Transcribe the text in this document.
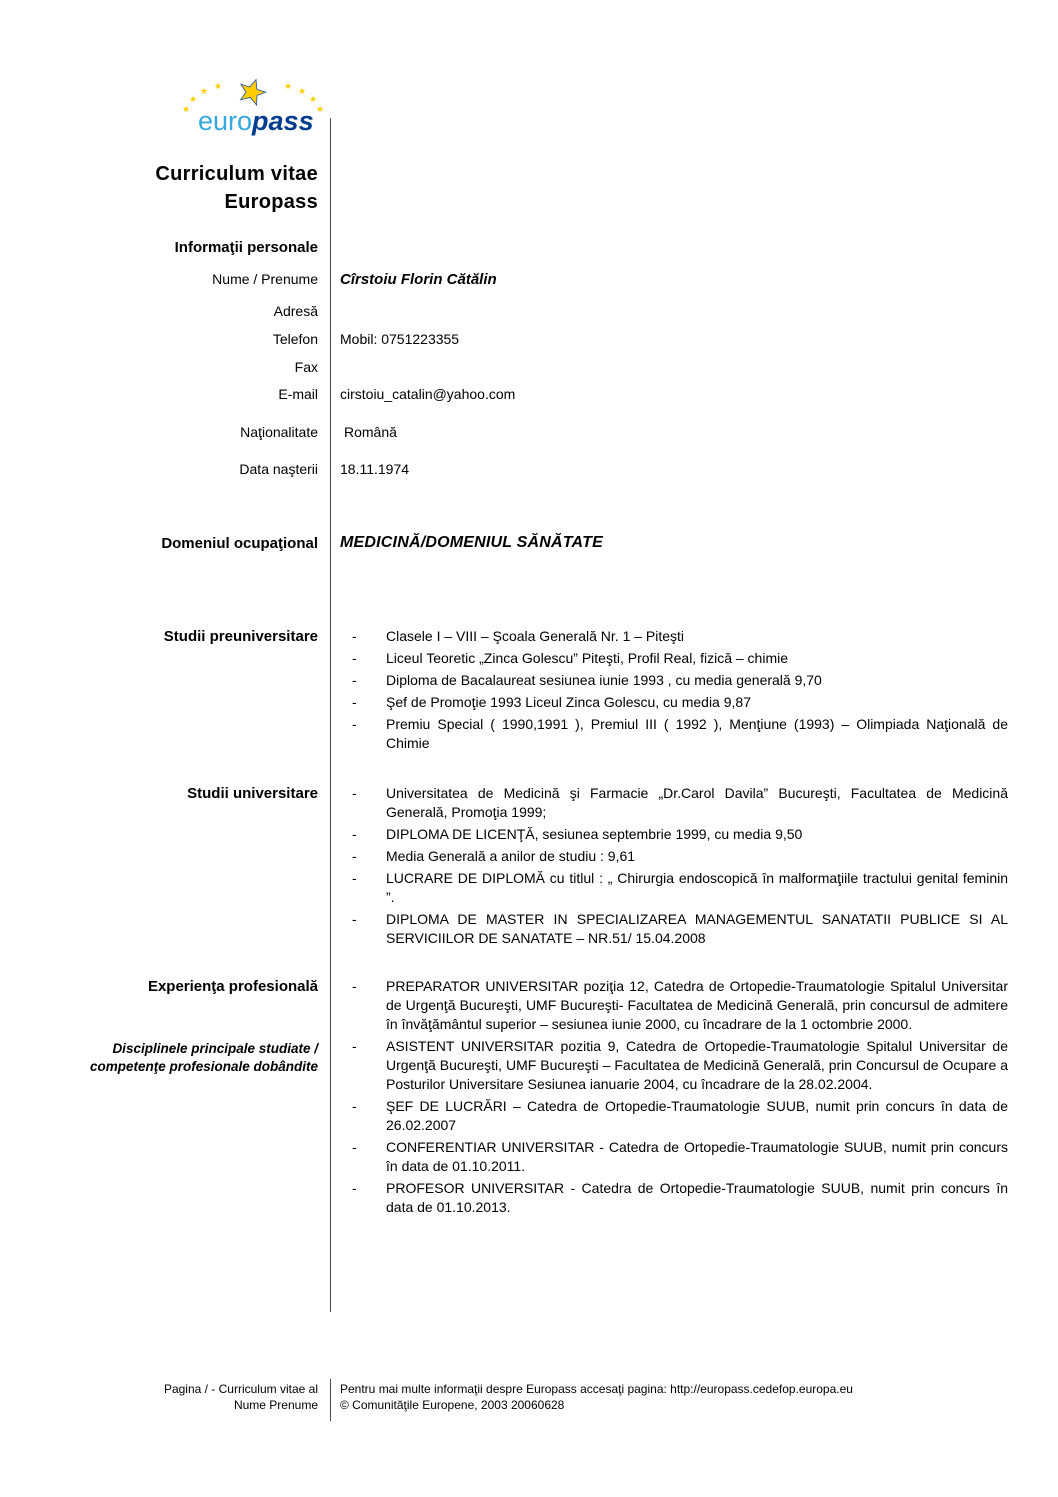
★
★
★ ★	★ ★
★
★
europass
Curriculum vitae
Europass
Informaţii personale
Nume / Prenume Cîrstoiu Florin Cătălin
Adresă
Telefon Mobil: 0751223355
Fax
E-mail cirstoiu_catalin@yahoo.com
Naţionalitate Română
Data naşterii 18.11.1974
Domeniul ocupaţional MEDICINĂ/DOMENIUL SĂNĂTATE
Studii preuniversitare	- Clasele I – VIII – Şcoala Generală Nr. 1 – Piteşti
- Liceul Teoretic „Zinca Golescu” Piteşti, Profil Real, fizică – chimie
- Diploma de Bacalaureat sesiunea iunie 1993 , cu media generală 9,70
- Şef de Promoţie 1993 Liceul Zinca Golescu, cu media 9,87
- Premiu Special ( 1990,1991 ), Premiul III ( 1992 ), Menţiune (1993) – Olimpiada Naţională de Chimie
Studii universitare	- Universitatea de Medicină şi Farmacie „Dr.Carol Davila” Bucureşti, Facultatea de Medicină Generală, Promoţia 1999;
- DIPLOMA DE LICENŢĂ, sesiunea septembrie 1999, cu media 9,50
- Media Generală a anilor de studiu : 9,61
- LUCRARE DE DIPLOMĂ cu titlul : „ Chirurgia endoscopică în malformaţiile tractului genital feminin ”.
- DIPLOMA DE MASTER IN SPECIALIZAREA MANAGEMENTUL SANATATII PUBLICE SI AL SERVICIILOR DE SANATATE – NR.51/ 15.04.2008
Experienţa profesională
Disciplinele principale studiate /
competenţe profesionale dobândite
- PREPARATOR UNIVERSITAR poziţia 12, Catedra de Ortopedie-Traumatologie Spitalul Universitar de Urgenţă Bucureşti, UMF Bucureşti- Facultatea de Medicină Generală, prin concursul de admitere în învăţământul superior – sesiunea iunie 2000, cu încadrare de la 1 octombrie 2000.
- ASISTENT UNIVERSITAR pozitia 9, Catedra de Ortopedie-Traumatologie Spitalul Universitar de Urgenţă Bucureşti, UMF Bucureşti – Facultatea de Medicină Generală, prin Concursul de Ocupare a Posturilor Universitare Sesiunea ianuarie 2004, cu încadrare de la 28.02.2004.
- ŞEF DE LUCRĂRI – Catedra de Ortopedie-Traumatologie SUUB, numit prin concurs în data de 26.02.2007
- CONFERENTIAR UNIVERSITAR - Catedra de Ortopedie-Traumatologie SUUB, numit prin concurs în data de 01.10.2011.
- PROFESOR UNIVERSITAR - Catedra de Ortopedie-Traumatologie SUUB, numit prin concurs în data de 01.10.2013.
Pagina / - Curriculum vitae al
Nume Prenume
Pentru mai multe informaţii despre Europass accesaţi pagina: http://europass.cedefop.europa.eu
© Comunităţile Europene, 2003 20060628
